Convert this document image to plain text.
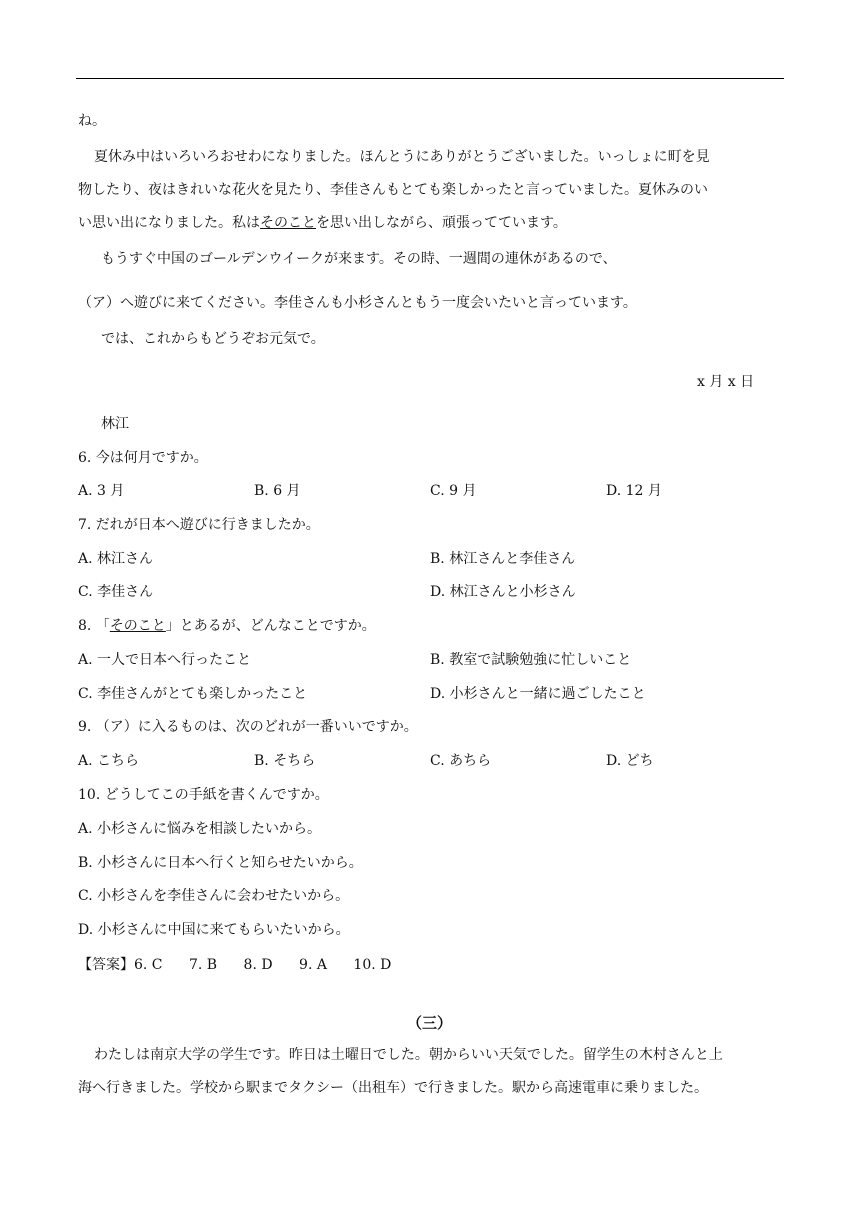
ね。
夏休み中はいろいろおせわになりました。ほんとうにありがとうございました。いっしょに町を見
物したり、夜はきれいな花火を見たり、李佳さんもとても楽しかったと言っていました。夏休みのい
い思い出になりました。私はそのことを思い出しながら、頑張ってています。
もうすぐ中国のゴールデンウイークが来ます。その時、一週間の連休があるので、
（ア）へ遊びに来てください。李佳さんも小杉さんともう一度会いたいと言っています。
では、これからもどうぞお元気で。
x 月 x 日
林江
6. 今は何月ですか。
A. 3 月	B. 6 月	C. 9 月	D. 12 月
7. だれが日本へ遊びに行きましたか。
A. 林江さん	B. 林江さんと李佳さん
C. 李佳さん	D. 林江さんと小杉さん
8. 「そのこと」とあるが、どんなことですか。
A. 一人で日本へ行ったこと	B. 教室で試験勉強に忙しいこと
C. 李佳さんがとても楽しかったこと	D. 小杉さんと一緒に過ごしたこと
9. （ア）に入るものは、次のどれが一番いいですか。
A. こちら	B. そちら	C. あちら	D. どち
10. どうしてこの手紙を書くんですか。
A. 小杉さんに悩みを相談したいから。
B. 小杉さんに日本へ行くと知らせたいから。
C. 小杉さんを李佳さんに会わせたいから。
D. 小杉さんに中国に来てもらいたいから。
【答案】6. C 7. B 8. D 9. A 10. D
（三）
わたしは南京大学の学生です。昨日は土曜日でした。朝からいい天気でした。留学生の木村さんと上
海へ行きました。学校から駅までタクシー（出租车）で行きました。駅から高速電車に乗りました。
